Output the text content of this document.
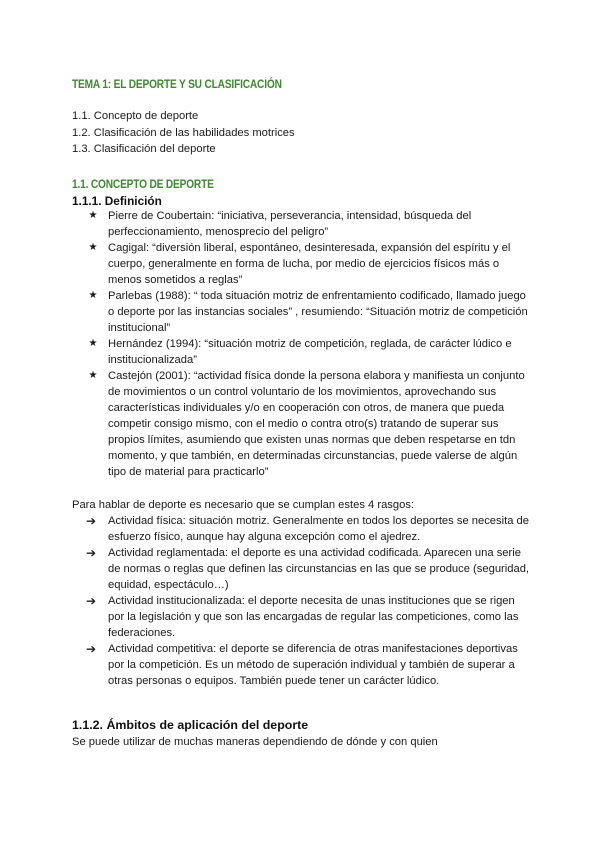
TEMA 1: EL DEPORTE Y SU CLASIFICACIÓN
1.1. Concepto de deporte
1.2. Clasificación de las habilidades motrices
1.3. Clasificación del deporte
1.1. CONCEPTO DE DEPORTE
1.1.1. Definición
★ Pierre de Coubertain: “iniciativa, perseverancia, intensidad, búsqueda del perfeccionamiento, menosprecio del peligro”
★ Cagigal: “diversión liberal, espontáneo, desinteresada, expansión del espíritu y el cuerpo, generalmente en forma de lucha, por medio de ejercicios físicos más o menos sometidos a reglas”
★ Parlebas (1988): “ toda situación motriz de enfrentamiento codificado, llamado juego o deporte por las instancias sociales” , resumiendo: “Situación motriz de competición institucional”
★ Hernández (1994): “situación motriz de competición, reglada, de carácter lúdico e institucionalizada”
★ Castejón (2001): “actividad física donde la persona elabora y manifiesta un conjunto de movimientos o un control voluntario de los movimientos, aprovechando sus características individuales y/o en cooperación con otros, de manera que pueda competir consigo mismo, con el medio o contra otro(s) tratando de superar sus propios límites, asumiendo que existen unas normas que deben respetarse en tdn momento, y que también, en determinadas circunstancias, puede valerse de algún tipo de material para practicarlo”
Para hablar de deporte es necesario que se cumplan estes 4 rasgos:
➔ Actividad física: situación motriz. Generalmente en todos los deportes se necesita de esfuerzo físico, aunque hay alguna excepción como el ajedrez.
➔ Actividad reglamentada: el deporte es una actividad codificada. Aparecen una serie de normas o reglas que definen las circunstancias en las que se produce (seguridad, equidad, espectáculo…)
➔ Actividad institucionalizada: el deporte necesita de unas instituciones que se rigen por la legislación y que son las encargadas de regular las competiciones, como las federaciones.
➔ Actividad competitiva: el deporte se diferencia de otras manifestaciones deportivas por la competición. Es un método de superación individual y también de superar a otras personas o equipos. También puede tener un carácter lúdico.
1.1.2. Ámbitos de aplicación del deporte
Se puede utilizar de muchas maneras dependiendo de dónde y con quien
